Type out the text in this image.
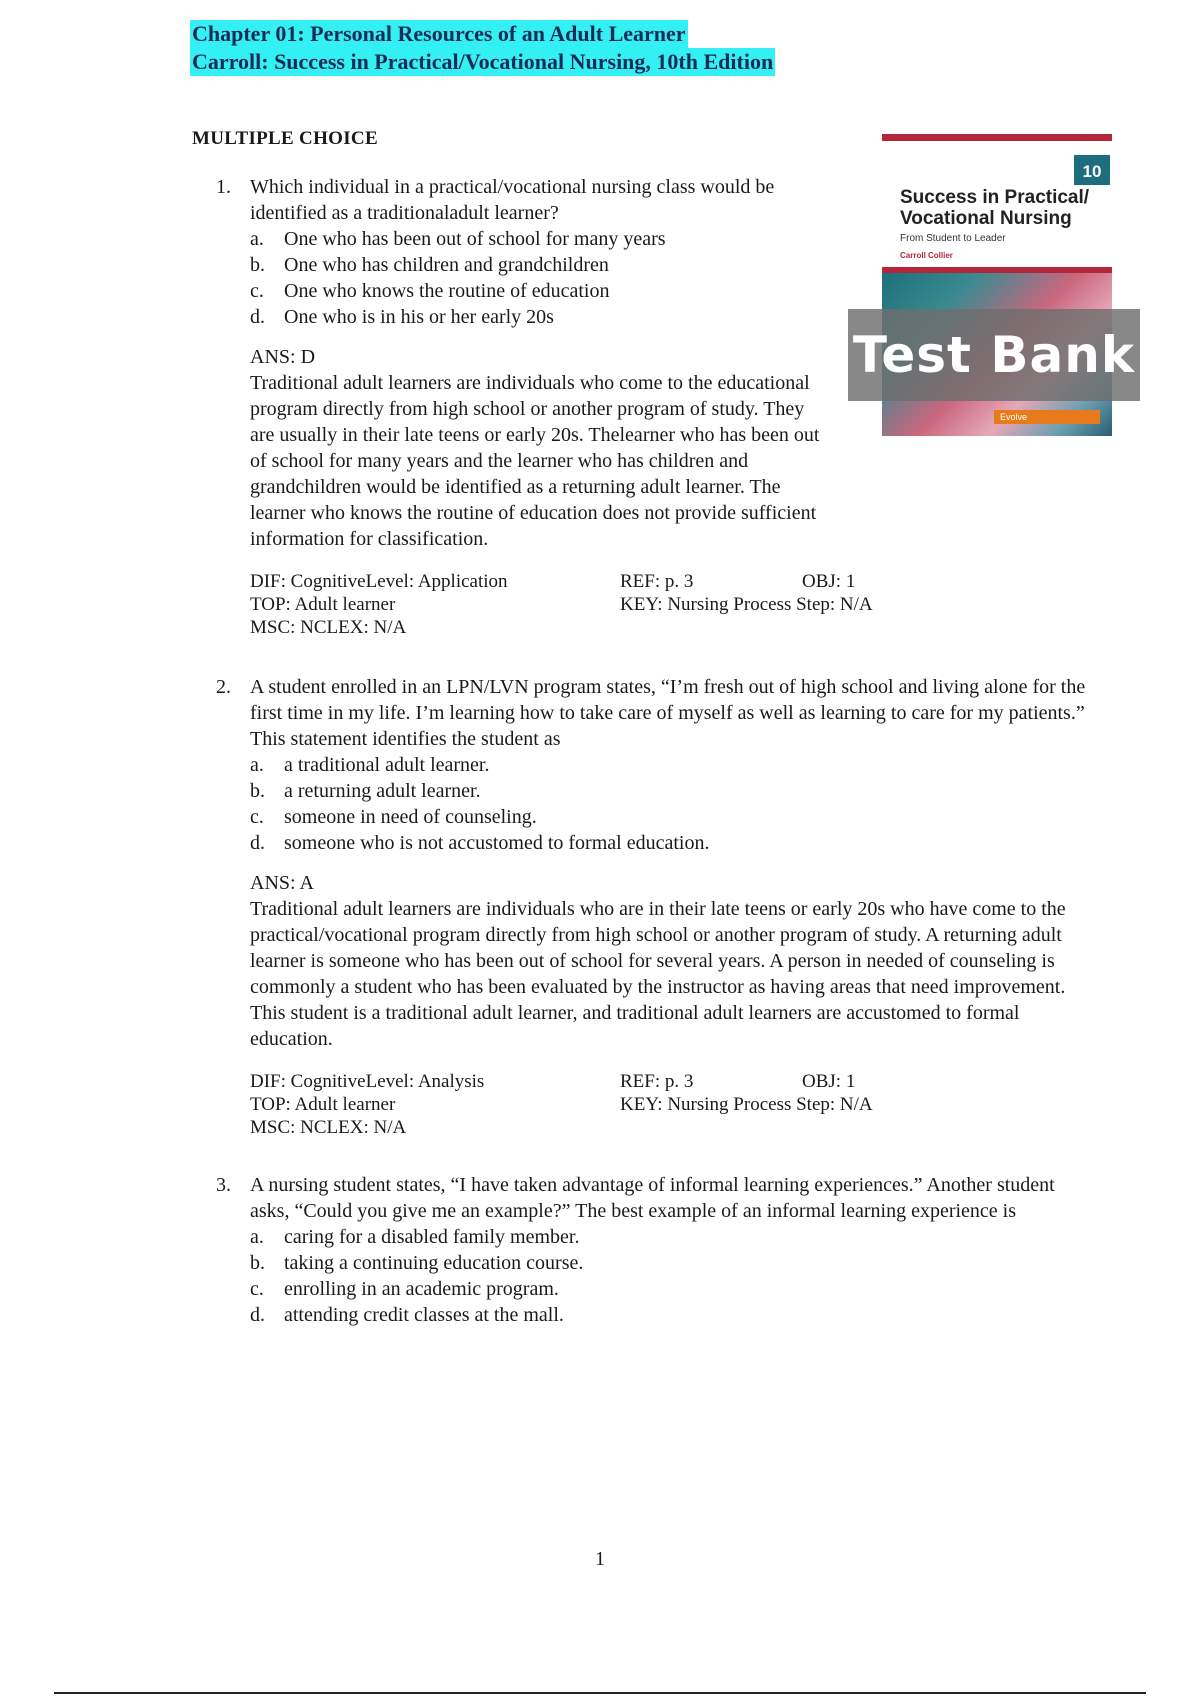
Chapter 01: Personal Resources of an Adult Learner
Carroll: Success in Practical/Vocational Nursing, 10th Edition
MULTIPLE CHOICE
10
Success in Practical/
Vocational Nursing
From Student to Leader
Carroll Collier
Evolve
Test Bank
1. Which individual in a practical/vocational nursing class would be identified as a traditionaladult learner?
a.	One who has been out of school for many years
b. One who has children and grandchildren
c.	One who knows the routine of education
d. One who is in his or her early 20s
ANS: D
Traditional adult learners are individuals who come to the educational program directly from high school or another program of study. They are usually in their late teens or early 20s. Thelearner who has been out of school for many years and the learner who has children and grandchildren would be identified as a returning adult learner. The learner who knows the routine of education does not provide sufficient information for classification.
DIF: CognitiveLevel: Application	REF: p. 3	OBJ: 1
TOP: Adult learner	KEY: Nursing Process Step: N/A
MSC: NCLEX: N/A
2. A student enrolled in an LPN/LVN program states, “I’m fresh out of high school and living alone for the first time in my life. I’m learning how to take care of myself as well as learning to care for my patients.” This statement identifies the student as
a.	a traditional adult learner.
b. a returning adult learner.
c.	someone in need of counseling.
d. someone who is not accustomed to formal education.
ANS: A
Traditional adult learners are individuals who are in their late teens or early 20s who have come to the practical/vocational program directly from high school or another program of study. A returning adult learner is someone who has been out of school for several years. A person in needed of counseling is commonly a student who has been evaluated by the instructor as having areas that need improvement. This student is a traditional adult learner, and traditional adult learners are accustomed to formal education.
DIF: CognitiveLevel: Analysis	REF: p. 3	OBJ: 1
TOP: Adult learner	KEY: Nursing Process Step: N/A
MSC: NCLEX: N/A
3. A nursing student states, “I have taken advantage of informal learning experiences.” Another student asks, “Could you give me an example?” The best example of an informal learning experience is
a.	caring for a disabled family member.
b. taking a continuing education course.
c.	enrolling in an academic program.
d. attending credit classes at the mall.
1
